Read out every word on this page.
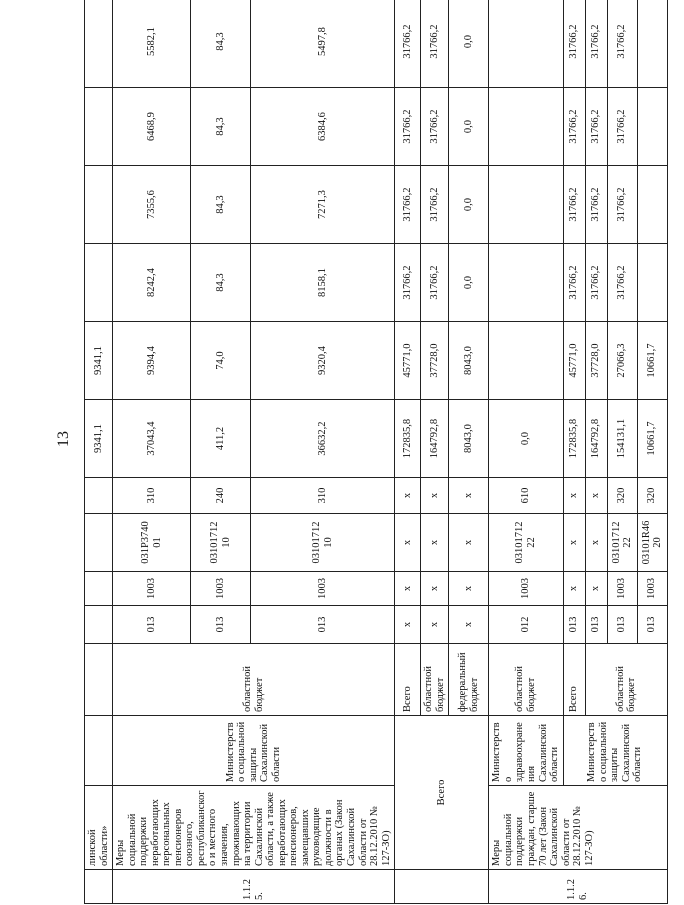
13
	линской области»							9341,1	9341,1				
1.1.2 5.	Меры социальной поддержки неработающих персональных пенсионеров союзного, республиканского и местного значения, проживающих на территории Сахалинской области, а также неработающих пенсионеров, замещавших руководящие должности в органах (Закон Сахалинской области от 28.12.2010 № 127-ЗО)	Министерство социальной защиты Сахалинской области	областной бюджет	013	1003	031Р3740 01	310	37043,4	9394,4	8242,4	7355,6	6468,9	5582,1
				013	1003	03101712 10	240	411,2	74,0	84,3	84,3	84,3	84,3
				013	1003	03101712 10	310	36632,2	9320,4	8158,1	7271,3	6384,6	5497,8
	Всего		Всего	х	х	х	х	172835,8	45771,0	31766,2	31766,2	31766,2	31766,2
			областной бюджет	х	х	х	х	164792,8	37728,0	31766,2	31766,2	31766,2	31766,2
			федеральный бюджет	х	х	х	х	8043,0	8043,0	0,0	0,0	0,0	0,0
1.1.2 6.	Меры социальной поддержки граждан, старше 70 лет (Закон Сахалинской области от 28.12.2010 № 127-ЗО)	Министерство здравоохранения Сахалинской области	областной бюджет	012	1003	03101712 22	610	0,0					
		Министерство социальной защиты Сахалинской области	Всего	013	х	х	х	172835,8	45771,0	31766,2	31766,2	31766,2	31766,2
			областной бюджет	013	х	х	х	164792,8	37728,0	31766,2	31766,2	31766,2	31766,2
				013	1003	03101712 22	320	154131,1	27066,3	31766,2	31766,2	31766,2	31766,2
				013	1003	03101R46 20	320	10661,7	10661,7				
